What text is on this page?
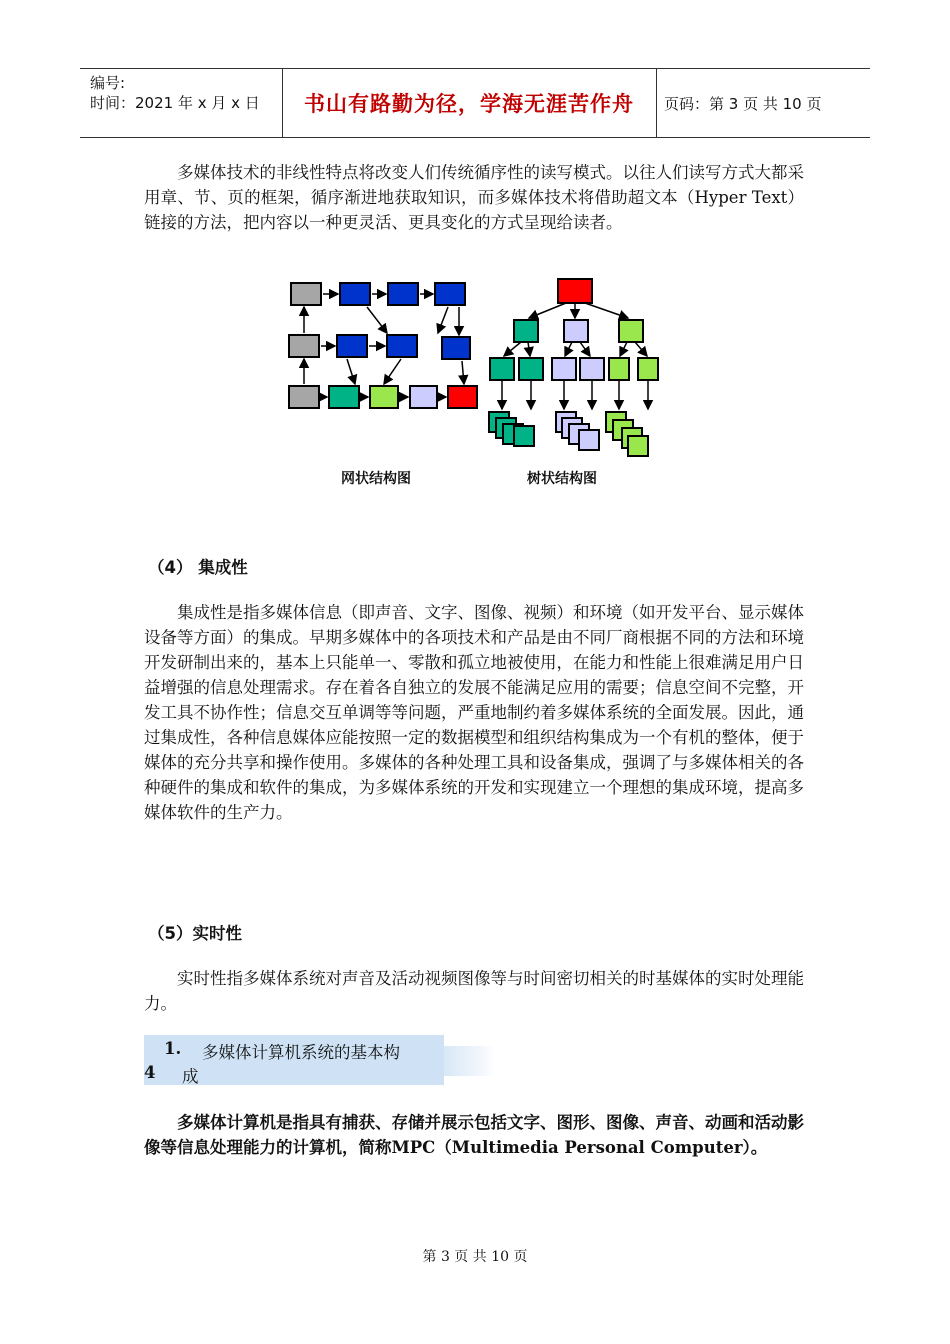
编号:
时间：2021 年 x 月 x 日	书山有路勤为径，学海无涯苦作舟	页码：第 3 页 共 10 页
多媒体技术的非线性特点将改变人们传统循序性的读写模式。以往人们读写方式大都采用章、节、页的框架，循序渐进地获取知识，而多媒体技术将借助超文本（Hyper Text）链接的方法，把内容以一种更灵活、更具变化的方式呈现给读者。
网状结构图	树状结构图
（4） 集成性
集成性是指多媒体信息（即声音、文字、图像、视频）和环境（如开发平台、显示媒体设备等方面）的集成。早期多媒体中的各项技术和产品是由不同厂商根据不同的方法和环境开发研制出来的，基本上只能单一、零散和孤立地被使用，在能力和性能上很难满足用户日益增强的信息处理需求。存在着各自独立的发展不能满足应用的需要；信息空间不完整，开发工具不协作性；信息交互单调等等问题，严重地制约着多媒体系统的全面发展。因此，通过集成性，各种信息媒体应能按照一定的数据模型和组织结构集成为一个有机的整体，便于媒体的充分共享和操作使用。多媒体的各种处理工具和设备集成，强调了与多媒体相关的各种硬件的集成和软件的集成，为多媒体系统的开发和实现建立一个理想的集成环境，提高多媒体软件的生产力。
（5）实时性
实时性指多媒体系统对声音及活动视频图像等与时间密切相关的时基媒体的实时处理能力。
1.
4
多媒体计算机系统的基本构
成
多媒体计算机是指具有捕获、存储并展示包括文字、图形、图像、声音、动画和活动影像等信息处理能力的计算机，简称MPC（Multimedia Personal Computer）。
第 3 页 共 10 页
